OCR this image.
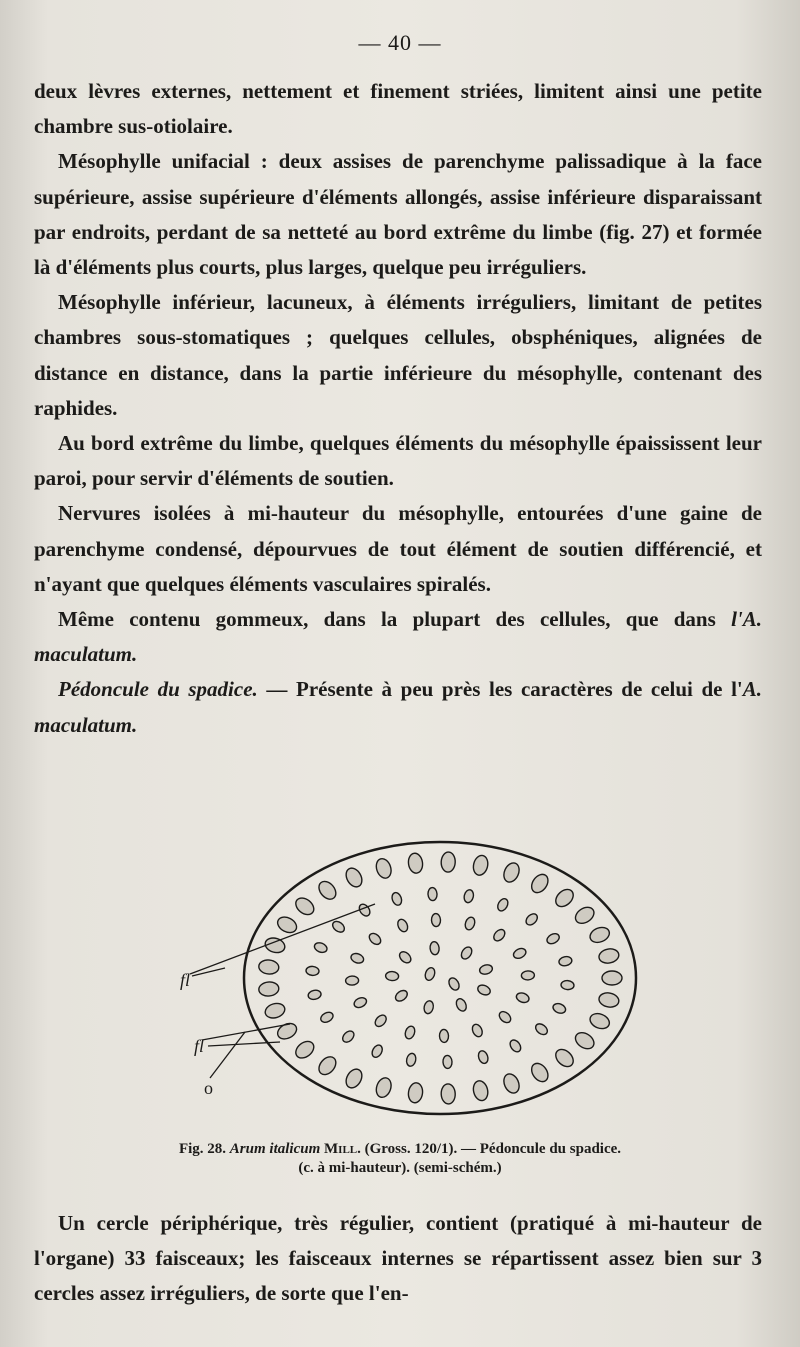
— 40 —

deux lèvres externes, nettement et finement striées, limitent ainsi une petite chambre sus-otiolaire.

Mésophylle unifacial : deux assises de parenchyme palissadique à la face supérieure, assise supérieure d'éléments allongés, assise inférieure disparaissant par endroits, perdant de sa netteté au bord extrême du limbe (fig. 27) et formée là d'éléments plus courts, plus larges, quelque peu irréguliers.

Mésophylle inférieur, lacuneux, à éléments irréguliers, limitant de petites chambres sous-stomatiques ; quelques cellules, obsphéniques, alignées de distance en distance, dans la partie inférieure du mésophylle, contenant des raphides.

Au bord extrême du limbe, quelques éléments du mésophylle épaississent leur paroi, pour servir d'éléments de soutien.

Nervures isolées à mi-hauteur du mésophylle, entourées d'une gaine de parenchyme condensé, dépourvues de tout élément de soutien différencié, et n'ayant que quelques éléments vasculaires spiralés.

Même contenu gommeux, dans la plupart des cellules, que dans l'A. maculatum.

Pédoncule du spadice. — Présente à peu près les caractères de celui de l'A. maculatum.

fl
fl
o
Fig. 28. Arum italicum Mill. (Gross. 120/1). — Pédoncule du spadice.
(c. à mi-hauteur). (semi-schém.)

Un cercle périphérique, très régulier, contient (pratiqué à mi-hauteur de l'organe) 33 faisceaux; les faisceaux internes se répartissent assez bien sur 3 cercles assez irréguliers, de sorte que l'en-
